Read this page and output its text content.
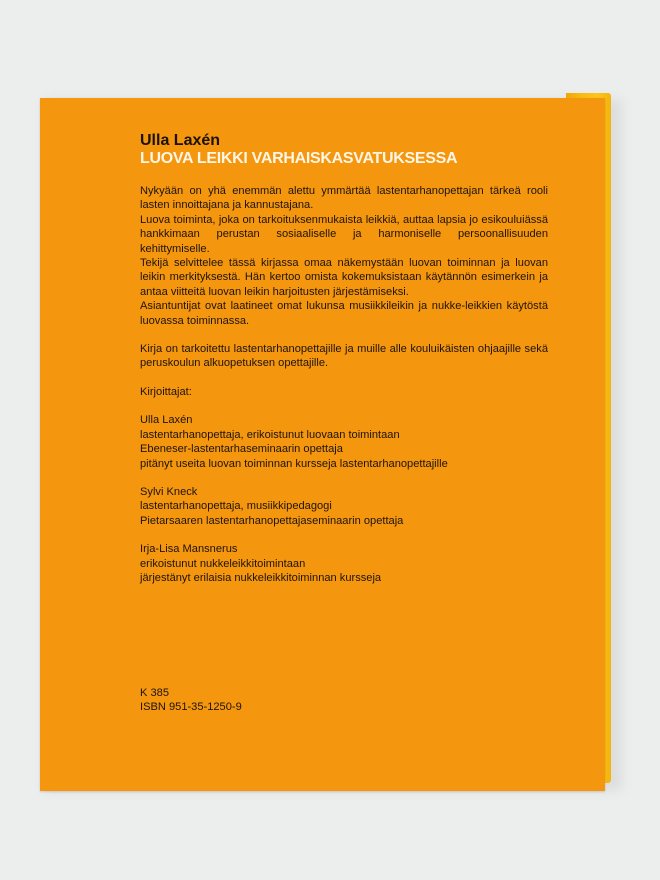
Ulla Laxén
LUOVA LEIKKI VARHAISKASVATUKSESSA

Nykyään on yhä enemmän alettu ymmärtää lastentarhanopettajan tärkeä rooli lasten innoittajana ja kannustajana.

Luova toiminta, joka on tarkoituksenmukaista leikkiä, auttaa lapsia jo esikouluiässä hankkimaan perustan sosiaaliselle ja harmoniselle persoonallisuuden kehittymiselle.

Tekijä selvittelee tässä kirjassa omaa näkemystään luovan toiminnan ja luovan leikin merkityksestä. Hän kertoo omista kokemuksistaan käytännön esimerkein ja antaa viitteitä luovan leikin harjoitusten järjestämiseksi.

Asiantuntijat ovat laatineet omat lukunsa musiikkileikin ja nukke-leikkien käytöstä luovassa toiminnassa.

Kirja on tarkoitettu lastentarhanopettajille ja muille alle kouluikäisten ohjaajille sekä peruskoulun alkuopetuksen opettajille.

Kirjoittajat:

Ulla Laxén
lastentarhanopettaja, erikoistunut luovaan toimintaan
Ebeneser-lastentarhaseminaarin opettaja
pitänyt useita luovan toiminnan kursseja lastentarhanopettajille
Sylvi Kneck
lastentarhanopettaja, musiikkipedagogi
Pietarsaaren lastentarhanopettajaseminaarin opettaja
Irja-Lisa Mansnerus
erikoistunut nukkeleikkitoimintaan
järjestänyt erilaisia nukkeleikkitoiminnan kursseja
K 385
ISBN 951-35-1250-9
